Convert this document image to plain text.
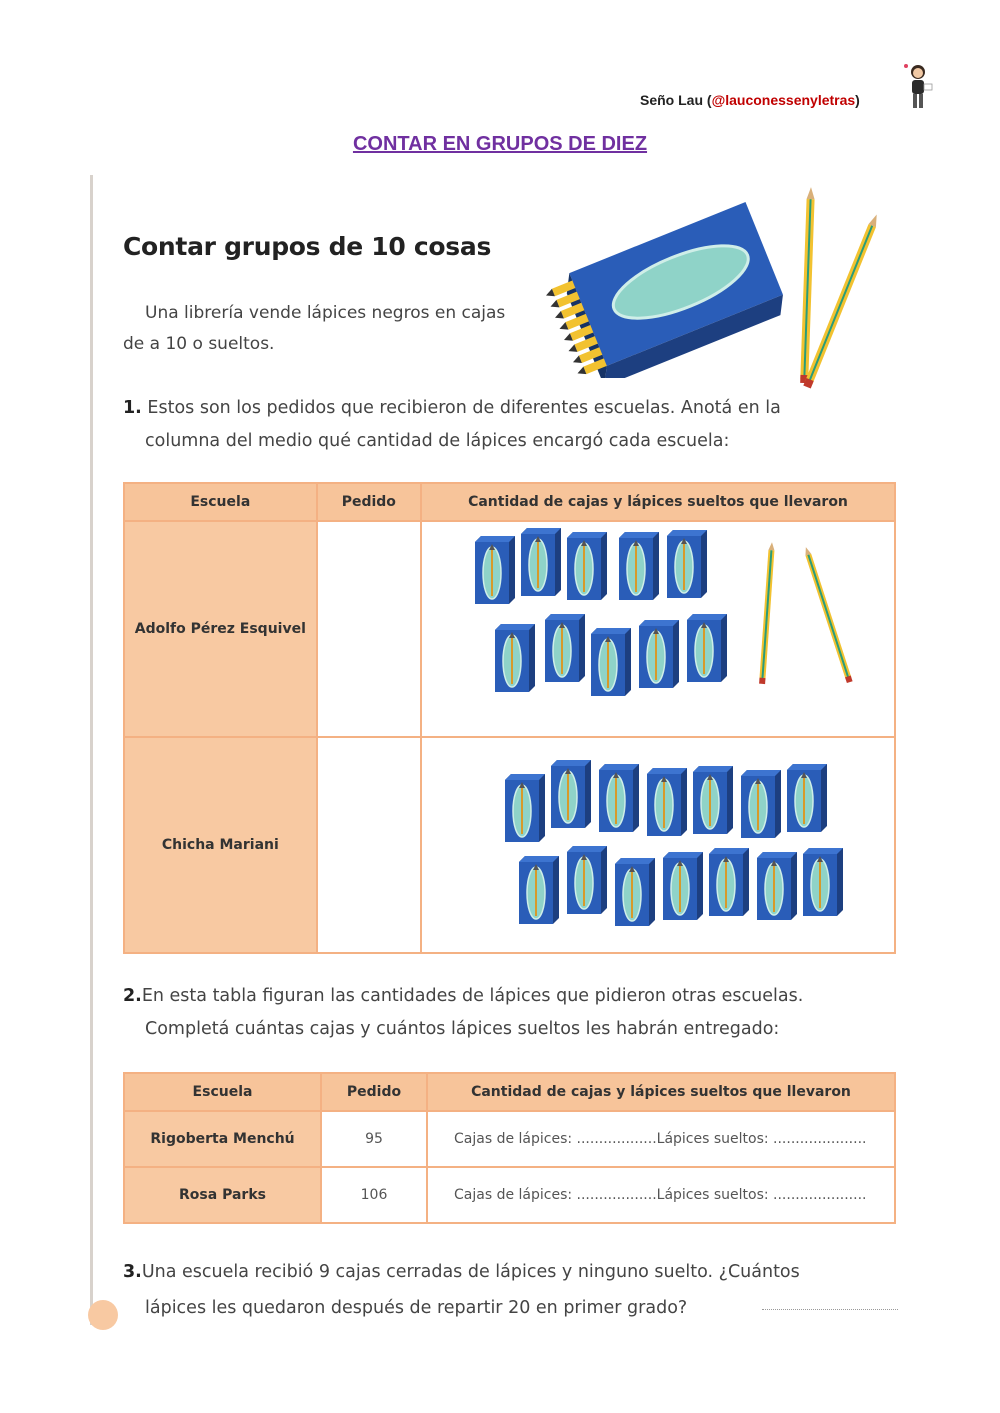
Seño Lau (@lauconessenyletras)
CONTAR EN GRUPOS DE DIEZ
Contar grupos de 10 cosas
Una librería vende lápices negros en cajas de a 10 o sueltos.
1. Estos son los pedidos que recibieron de diferentes escuelas. Anotá en la
columna del medio qué cantidad de lápices encargó cada escuela:
Escuela	Pedido	Cantidad de cajas y lápices sueltos que llevaron
Adolfo Pérez Esquivel		

Chicha Mariani		
2.En esta tabla figuran las cantidades de lápices que pidieron otras escuelas.
Completá cuántas cajas y cuántos lápices sueltos les habrán entregado:
Escuela	Pedido	Cantidad de cajas y lápices sueltos que llevaron
Rigoberta Menchú	95	Cajas de lápices: ..................Lápices sueltos: .....................
Rosa Parks	106	Cajas de lápices: ..................Lápices sueltos: .....................
3.Una escuela recibió 9 cajas cerradas de lápices y ninguno suelto. ¿Cuántos
lápices les quedaron después de repartir 20 en primer grado?
